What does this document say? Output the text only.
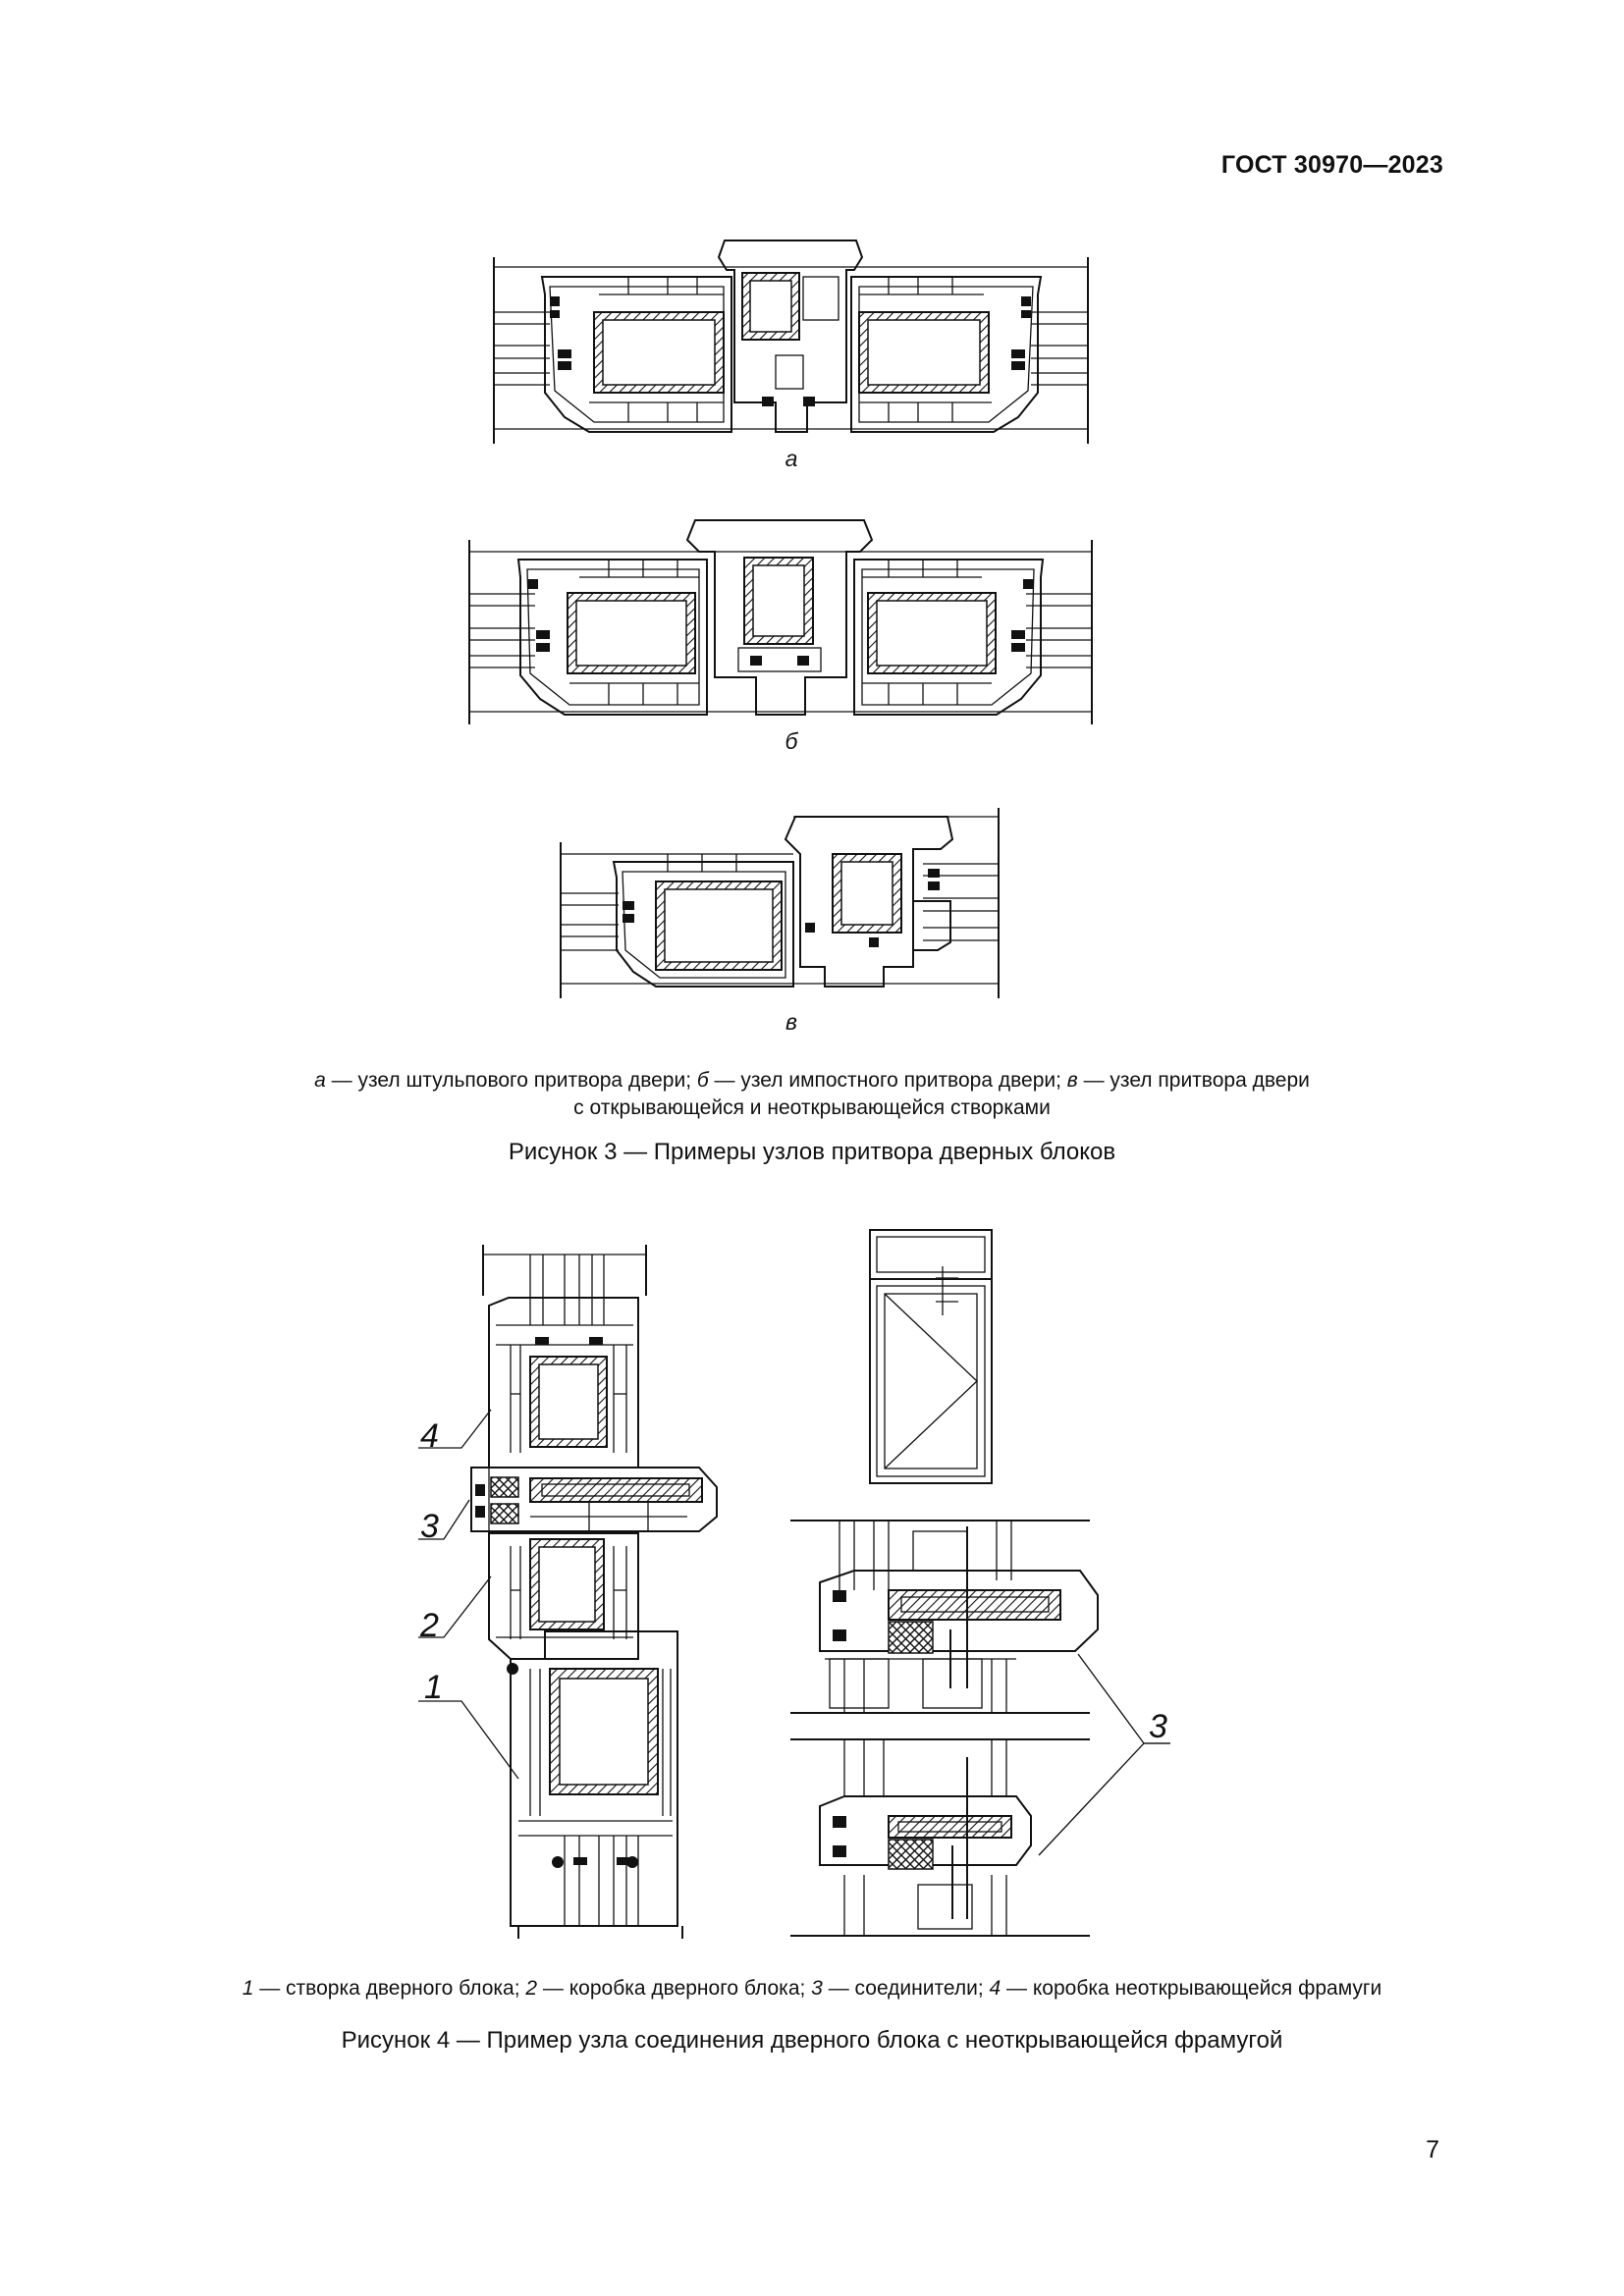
ГОСТ 30970—2023
а
б
в
а — узел штульпового притвора двери; б — узел импостного притвора двери; в — узел притвора двери
с открывающейся и неоткрывающейся створками
Рисунок 3 — Примеры узлов притвора дверных блоков
4
3
2
1
3
1 — створка дверного блока; 2 — коробка дверного блока; 3 — соединители; 4 — коробка неоткрывающейся фрамуги
Рисунок 4 — Пример узла соединения дверного блока с неоткрывающейся фрамугой
7
